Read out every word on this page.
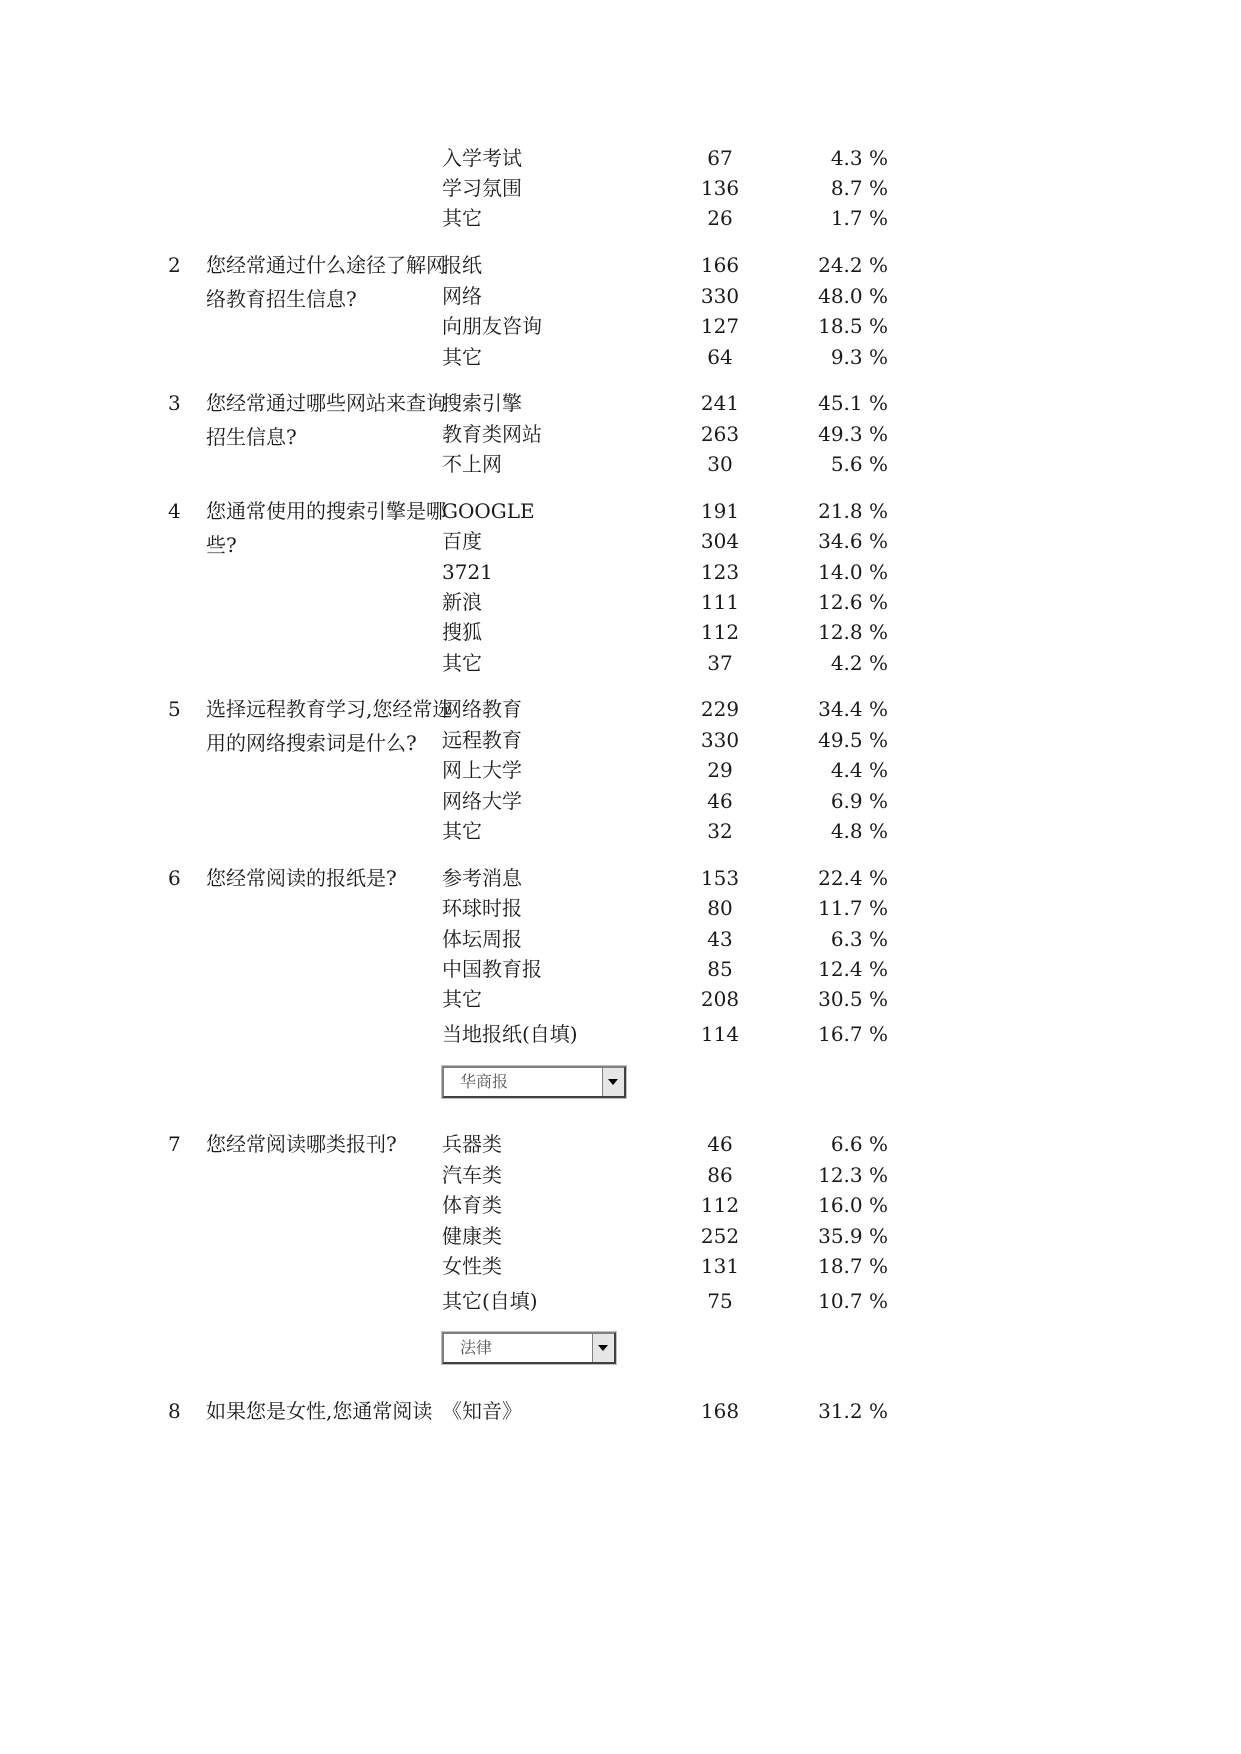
入学考试	67	4.3 %
学习氛围	136	8.7 %
其它	26	1.7 %
2 您经常通过什么途径了解网络教育招生信息?
报纸	166	24.2 %
网络	330	48.0 %
向朋友咨询	127	18.5 %
其它	64	9.3 %
3 您经常通过哪些网站来查询招生信息?
搜索引擎	241	45.1 %
教育类网站	263	49.3 %
不上网	30	5.6 %
4 您通常使用的搜索引擎是哪些?
GOOGLE	191	21.8 %
百度	304	34.6 %
3721	123	14.0 %
新浪	111	12.6 %
搜狐	112	12.8 %
其它	37	4.2 %
5 选择远程教育学习,您经常选用的网络搜索词是什么?
网络教育	229	34.4 %
远程教育	330	49.5 %
网上大学	29	4.4 %
网络大学	46	6.9 %
其它	32	4.8 %
6 您经常阅读的报纸是?	参考消息	153	22.4 %
环球时报	80	11.7 %
体坛周报	43	6.3 %
中国教育报	85	12.4 %
其它	208	30.5 %
当地报纸(自填)	114	16.7 %
华商报
7 您经常阅读哪类报刊?	兵器类	46	6.6 %
汽车类	86	12.3 %
体育类	112	16.0 %
健康类	252	35.9 %
女性类	131	18.7 %
其它(自填)	75	10.7 %
法律
8 如果您是女性,您通常阅读 《知音》	168	31.2 %
